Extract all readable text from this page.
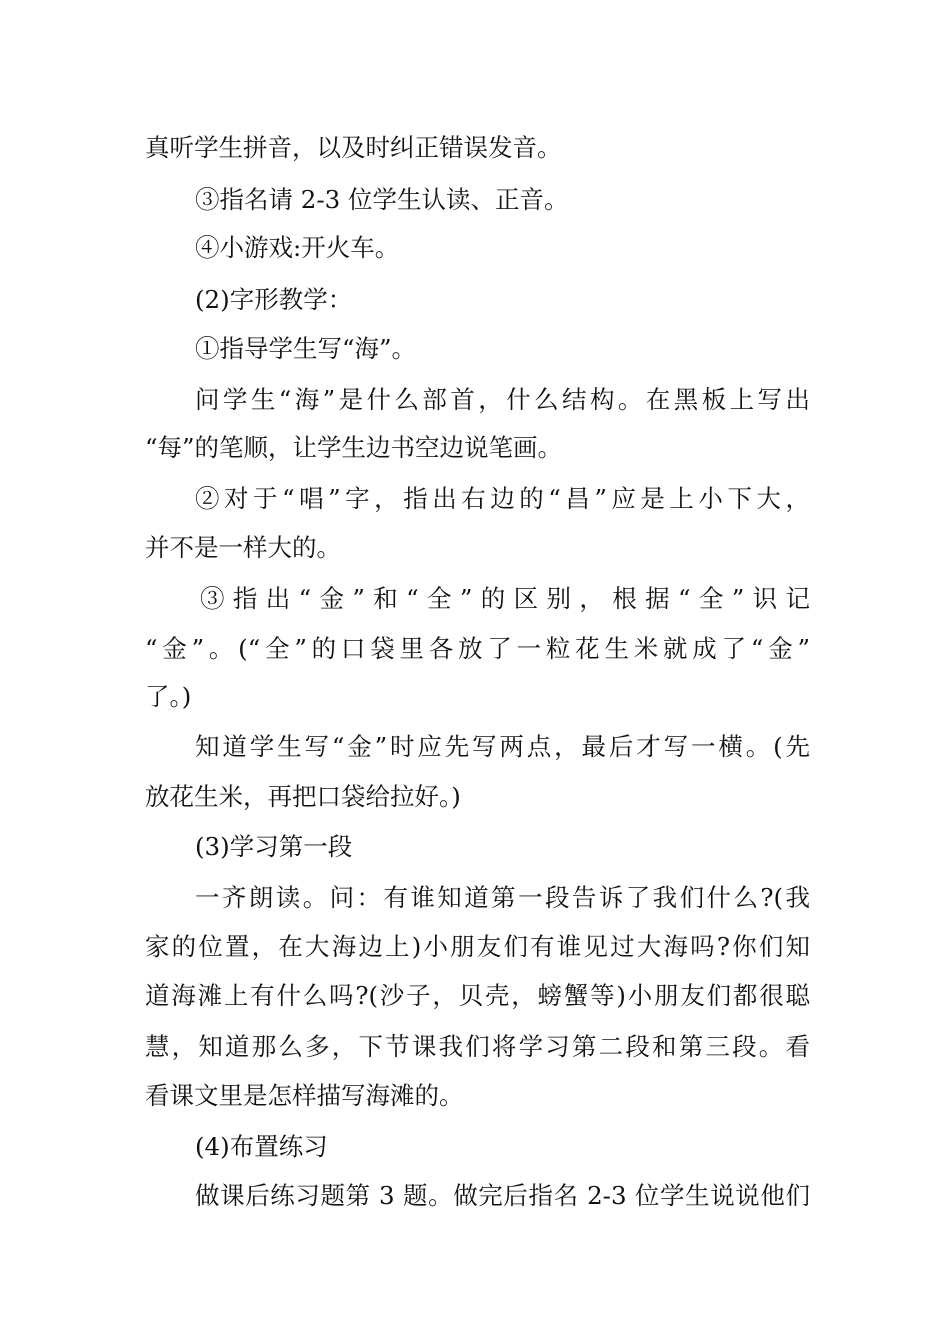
真听学生拼音，以及时纠正错误发音。
③指名请 2-3 位学生认读、正音。
④小游戏:开火车。
(2)字形教学：
①指导学生写“海”。
问学生“海”是什么部首，什么结构。在黑板上写出
“每”的笔顺，让学生边书空边说笔画。
②对于“唱”字，指出右边的“昌”应是上小下大，
并不是一样大的。
③指出“金”和“全”的区别，根据“全”识记
“金”。(“全”的口袋里各放了一粒花生米就成了“金”
了。)
知道学生写“金”时应先写两点，最后才写一横。(先
放花生米，再把口袋给拉好。)
(3)学习第一段
一齐朗读。问：有谁知道第一段告诉了我们什么?(我
家的位置，在大海边上)小朋友们有谁见过大海吗?你们知
道海滩上有什么吗?(沙子，贝壳，螃蟹等)小朋友们都很聪
慧，知道那么多，下节课我们将学习第二段和第三段。看
看课文里是怎样描写海滩的。
(4)布置练习
做课后练习题第 3 题。做完后指名 2-3 位学生说说他们
